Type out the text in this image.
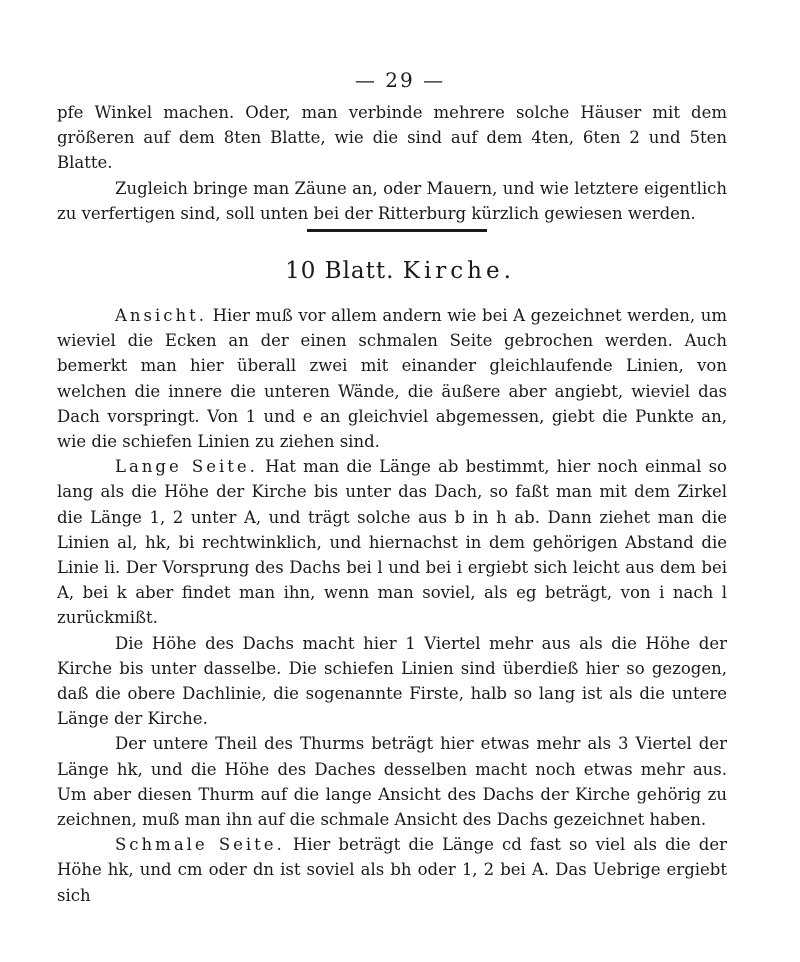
— 29 —

pfe Winkel machen. Oder, man verbinde mehrere solche Häuser mit dem größeren auf dem 8ten Blatte, wie die sind auf dem 4ten, 6ten 2 und 5ten Blatte.

Zugleich bringe man Zäune an, oder Mauern, und wie letztere eigentlich zu verfertigen sind, soll unten bei der Ritterburg kürzlich gewiesen werden.

10 Blatt. Kirche.

Ansicht. Hier muß vor allem andern wie bei A gezeichnet werden, um wieviel die Ecken an der einen schmalen Seite gebrochen werden. Auch bemerkt man hier überall zwei mit einander gleichlaufende Linien, von welchen die innere die unteren Wände, die äußere aber angiebt, wieviel das Dach vorspringt. Von 1 und e an gleichviel abgemessen, giebt die Punkte an, wie die schiefen Linien zu ziehen sind.

Lange Seite. Hat man die Länge ab bestimmt, hier noch einmal so lang als die Höhe der Kirche bis unter das Dach, so faßt man mit dem Zirkel die Länge 1, 2 unter A, und trägt solche aus b in h ab. Dann ziehet man die Linien al, hk, bi rechtwinklich, und hiernachst in dem gehörigen Abstand die Linie li. Der Vorsprung des Dachs bei l und bei i ergiebt sich leicht aus dem bei A, bei k aber findet man ihn, wenn man soviel, als eg beträgt, von i nach l zurückmißt.

Die Höhe des Dachs macht hier 1 Viertel mehr aus als die Höhe der Kirche bis unter dasselbe. Die schiefen Linien sind überdieß hier so gezogen, daß die obere Dachlinie, die sogenannte Firste, halb so lang ist als die untere Länge der Kirche.

Der untere Theil des Thurms beträgt hier etwas mehr als 3 Viertel der Länge hk, und die Höhe des Daches desselben macht noch etwas mehr aus. Um aber diesen Thurm auf die lange Ansicht des Dachs der Kirche gehörig zu zeichnen, muß man ihn auf die schmale Ansicht des Dachs gezeichnet haben.

Schmale Seite. Hier beträgt die Länge cd fast so viel als die der Höhe hk, und cm oder dn ist soviel als bh oder 1, 2 bei A. Das Uebrige ergiebt sich
